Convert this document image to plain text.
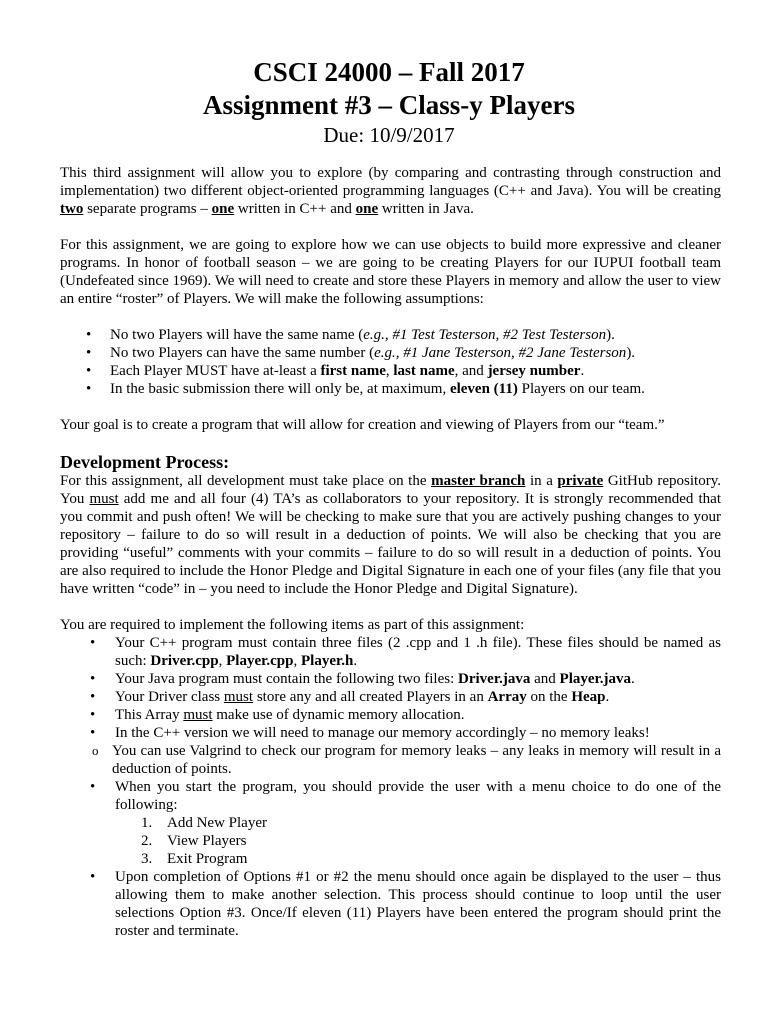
CSCI 24000 – Fall 2017
Assignment #3 – Class-y Players
Due: 10/9/2017

This third assignment will allow you to explore (by comparing and contrasting through construction and implementation) two different object-oriented programming languages (C++ and Java). You will be creating two separate programs – one written in C++ and one written in Java.

For this assignment, we are going to explore how we can use objects to build more expressive and cleaner programs. In honor of football season – we are going to be creating Players for our IUPUI football team (Undefeated since 1969). We will need to create and store these Players in memory and allow the user to view an entire “roster” of Players. We will make the following assumptions:

• No two Players will have the same name (e.g., #1 Test Testerson, #2 Test Testerson).
• No two Players can have the same number (e.g., #1 Jane Testerson, #2 Jane Testerson).
• Each Player MUST have at-least a first name, last name, and jersey number.
• In the basic submission there will only be, at maximum, eleven (11) Players on our team.

Your goal is to create a program that will allow for creation and viewing of Players from our “team.”

Development Process:

For this assignment, all development must take place on the master branch in a private GitHub repository. You must add me and all four (4) TA’s as collaborators to your repository. It is strongly recommended that you commit and push often! We will be checking to make sure that you are actively pushing changes to your repository – failure to do so will result in a deduction of points. We will also be checking that you are providing “useful” comments with your commits – failure to do so will result in a deduction of points. You are also required to include the Honor Pledge and Digital Signature in each one of your files (any file that you have written “code” in – you need to include the Honor Pledge and Digital Signature).

You are required to implement the following items as part of this assignment:

• Your C++ program must contain three files (2 .cpp and 1 .h file). These files should be named as such: Driver.cpp, Player.cpp, Player.h.
• Your Java program must contain the following two files: Driver.java and Player.java.
• Your Driver class must store any and all created Players in an Array on the Heap.
• This Array must make use of dynamic memory allocation.
• In the C++ version we will need to manage our memory accordingly – no memory leaks!
o You can use Valgrind to check our program for memory leaks – any leaks in memory will result in a deduction of points.
• When you start the program, you should provide the user with a menu choice to do one of the following:
1. Add New Player
2. View Players
3. Exit Program
• Upon completion of Options #1 or #2 the menu should once again be displayed to the user – thus allowing them to make another selection. This process should continue to loop until the user selections Option #3. Once/If eleven (11) Players have been entered the program should print the roster and terminate.
